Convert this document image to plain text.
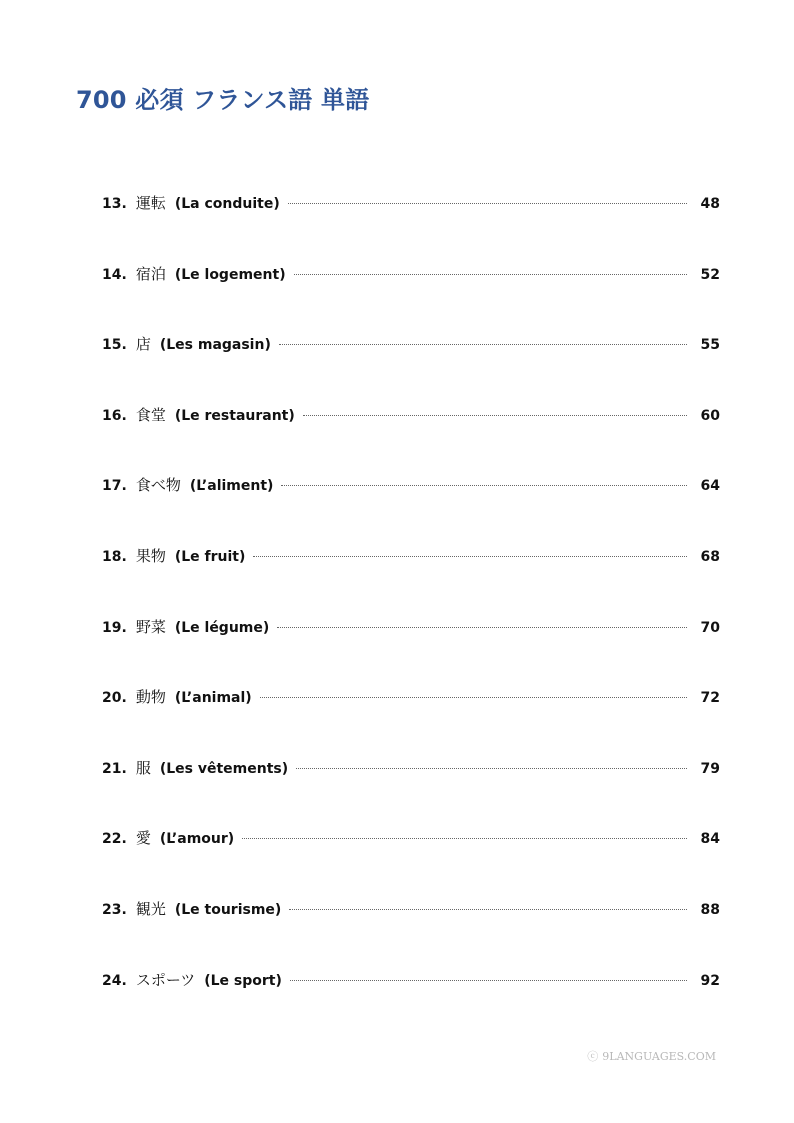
700 必須 フランス語 単語
13. 運転 (La conduite)	48
14. 宿泊 (Le logement)	52
15. 店 (Les magasin)	55
16. 食堂 (Le restaurant)	60
17. 食べ物 (L’aliment)	64
18. 果物 (Le fruit)	68
19. 野菜 (Le légume)	70
20. 動物 (L’animal)	72
21. 服 (Les vêtements)	79
22. 愛 (L’amour)	84
23. 観光 (Le tourisme)	88
24. スポーツ (Le sport)	92
ⓒ 9LANGUAGES.COM
